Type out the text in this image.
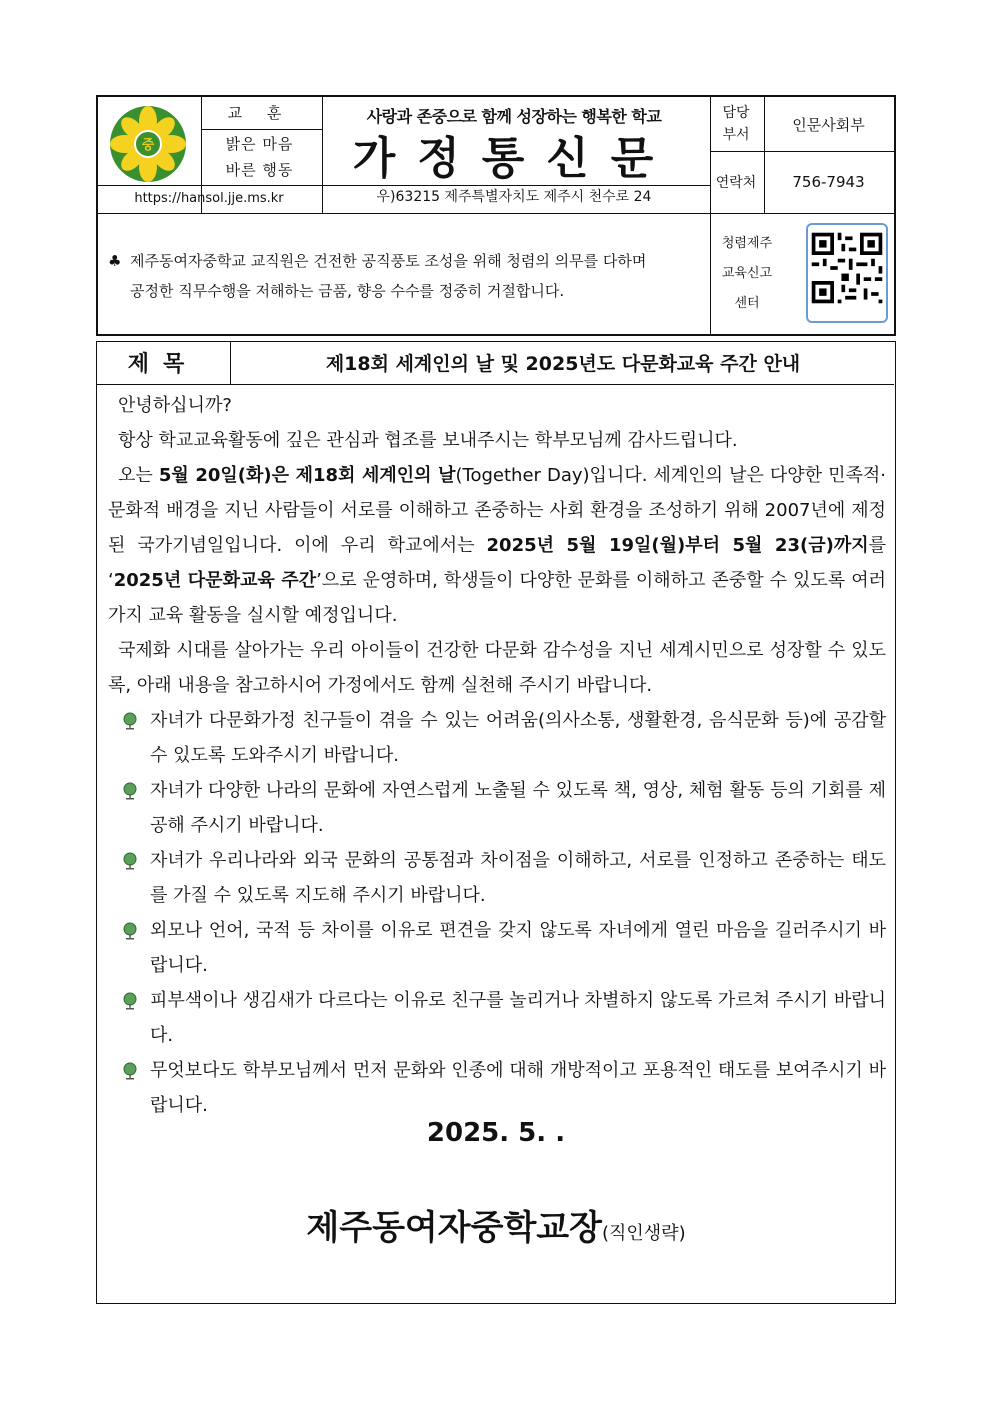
중
교 훈
밝은 마음
바른 행동
https://hansol.jje.ms.kr
사랑과 존중으로 함께 성장하는 행복한 학교
가정통신문
우)63215 제주특별자치도 제주시 천수로 24
담당
부서
인문사회부
연락처	756-7943
♣ 제주동여자중학교 교직원은 건전한 공직풍토 조성을 위해 청렴의 의무를 다하며
공정한 직무수행을 저해하는 금품, 향응 수수를 정중히 거절합니다.
청렴제주
교육신고
센터
제목	제18회 세계인의 날 및 2025년도 다문화교육 주간 안내

안녕하십니까?

항상 학교교육활동에 깊은 관심과 협조를 보내주시는 학부모님께 감사드립니다.

오는 5월 20일(화)은 제18회 세계인의 날(Together Day)입니다. 세계인의 날은 다양한 민족적·문화적 배경을 지닌 사람들이 서로를 이해하고 존중하는 사회 환경을 조성하기 위해 2007년에 제정된 국가기념일입니다. 이에 우리 학교에서는 2025년 5월 19일(월)부터 5월 23(금)까지를 ‘2025년 다문화교육 주간’으로 운영하며, 학생들이 다양한 문화를 이해하고 존중할 수 있도록 여러 가지 교육 활동을 실시할 예정입니다.

국제화 시대를 살아가는 우리 아이들이 건강한 다문화 감수성을 지닌 세계시민으로 성장할 수 있도록, 아래 내용을 참고하시어 가정에서도 함께 실천해 주시기 바랍니다.

자녀가 다문화가정 친구들이 겪을 수 있는 어려움(의사소통, 생활환경, 음식문화 등)에 공감할 수 있도록 도와주시기 바랍니다.

자녀가 다양한 나라의 문화에 자연스럽게 노출될 수 있도록 책, 영상, 체험 활동 등의 기회를 제공해 주시기 바랍니다.

자녀가 우리나라와 외국 문화의 공통점과 차이점을 이해하고, 서로를 인정하고 존중하는 태도를 가질 수 있도록 지도해 주시기 바랍니다.

외모나 언어, 국적 등 차이를 이유로 편견을 갖지 않도록 자녀에게 열린 마음을 길러주시기 바랍니다.

피부색이나 생김새가 다르다는 이유로 친구를 놀리거나 차별하지 않도록 가르쳐 주시기 바랍니다.

무엇보다도 학부모님께서 먼저 문화와 인종에 대해 개방적이고 포용적인 태도를 보여주시기 바랍니다.

2025. 5. .
제주동여자중학교장(직인생략)
